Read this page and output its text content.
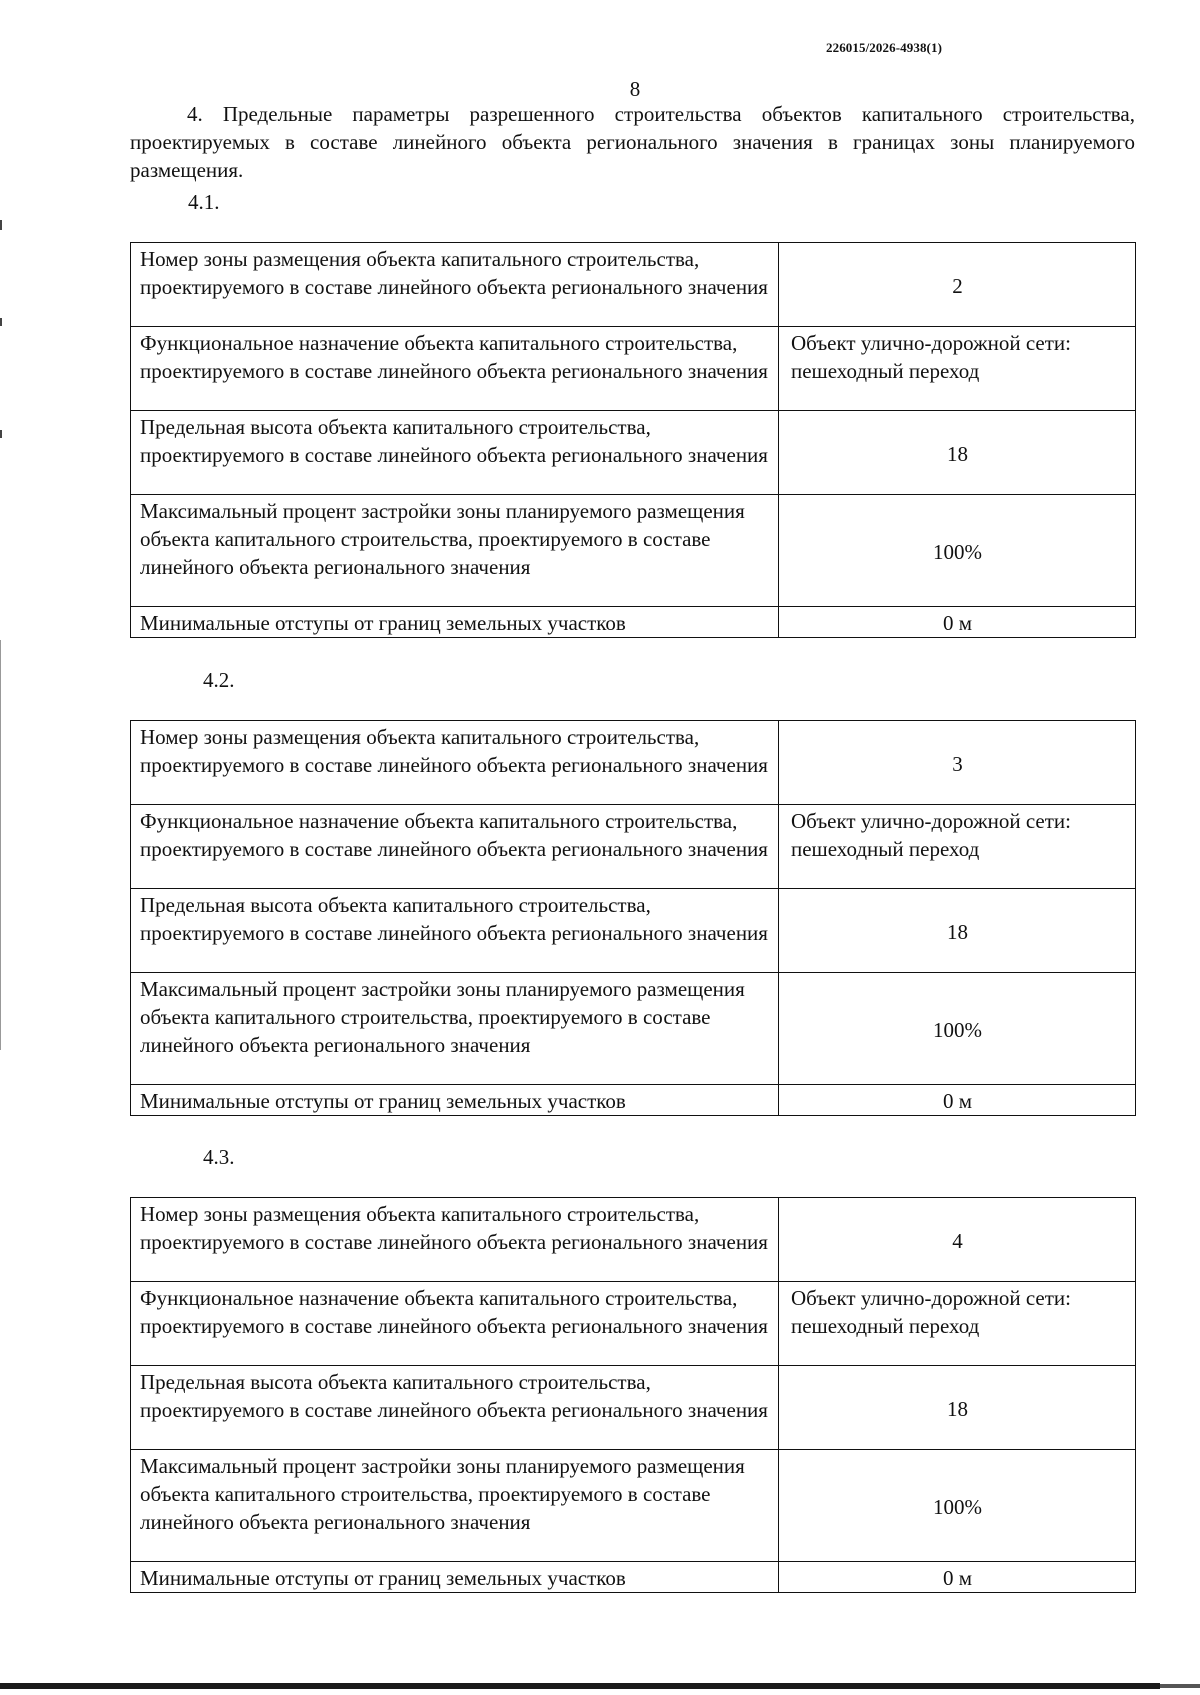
226015/2026-4938(1)
8

4. Предельные параметры разрешенного строительства объектов капитального строительства, проектируемых в составе линейного объекта регионального значения в границах зоны планируемого размещения.

4.1.
Номер зоны размещения объекта капитального строительства, проектируемого в составе линейного объекта регионального значения	2
Функциональное назначение объекта капитального строительства, проектируемого в составе линейного объекта регионального значения	Объект улично-дорожной сети: пешеходный переход
Предельная высота объекта капитального строительства, проектируемого в составе линейного объекта регионального значения	18
Максимальный процент застройки зоны планируемого размещения объекта капитального строительства, проектируемого в составе линейного объекта регионального значения	100%
Минимальные отступы от границ земельных участков	0 м
4.2.
Номер зоны размещения объекта капитального строительства, проектируемого в составе линейного объекта регионального значения	3
Функциональное назначение объекта капитального строительства, проектируемого в составе линейного объекта регионального значения	Объект улично-дорожной сети: пешеходный переход
Предельная высота объекта капитального строительства, проектируемого в составе линейного объекта регионального значения	18
Максимальный процент застройки зоны планируемого размещения объекта капитального строительства, проектируемого в составе линейного объекта регионального значения	100%
Минимальные отступы от границ земельных участков	0 м
4.3.
Номер зоны размещения объекта капитального строительства, проектируемого в составе линейного объекта регионального значения	4
Функциональное назначение объекта капитального строительства, проектируемого в составе линейного объекта регионального значения	Объект улично-дорожной сети: пешеходный переход
Предельная высота объекта капитального строительства, проектируемого в составе линейного объекта регионального значения	18
Максимальный процент застройки зоны планируемого размещения объекта капитального строительства, проектируемого в составе линейного объекта регионального значения	100%
Минимальные отступы от границ земельных участков	0 м
